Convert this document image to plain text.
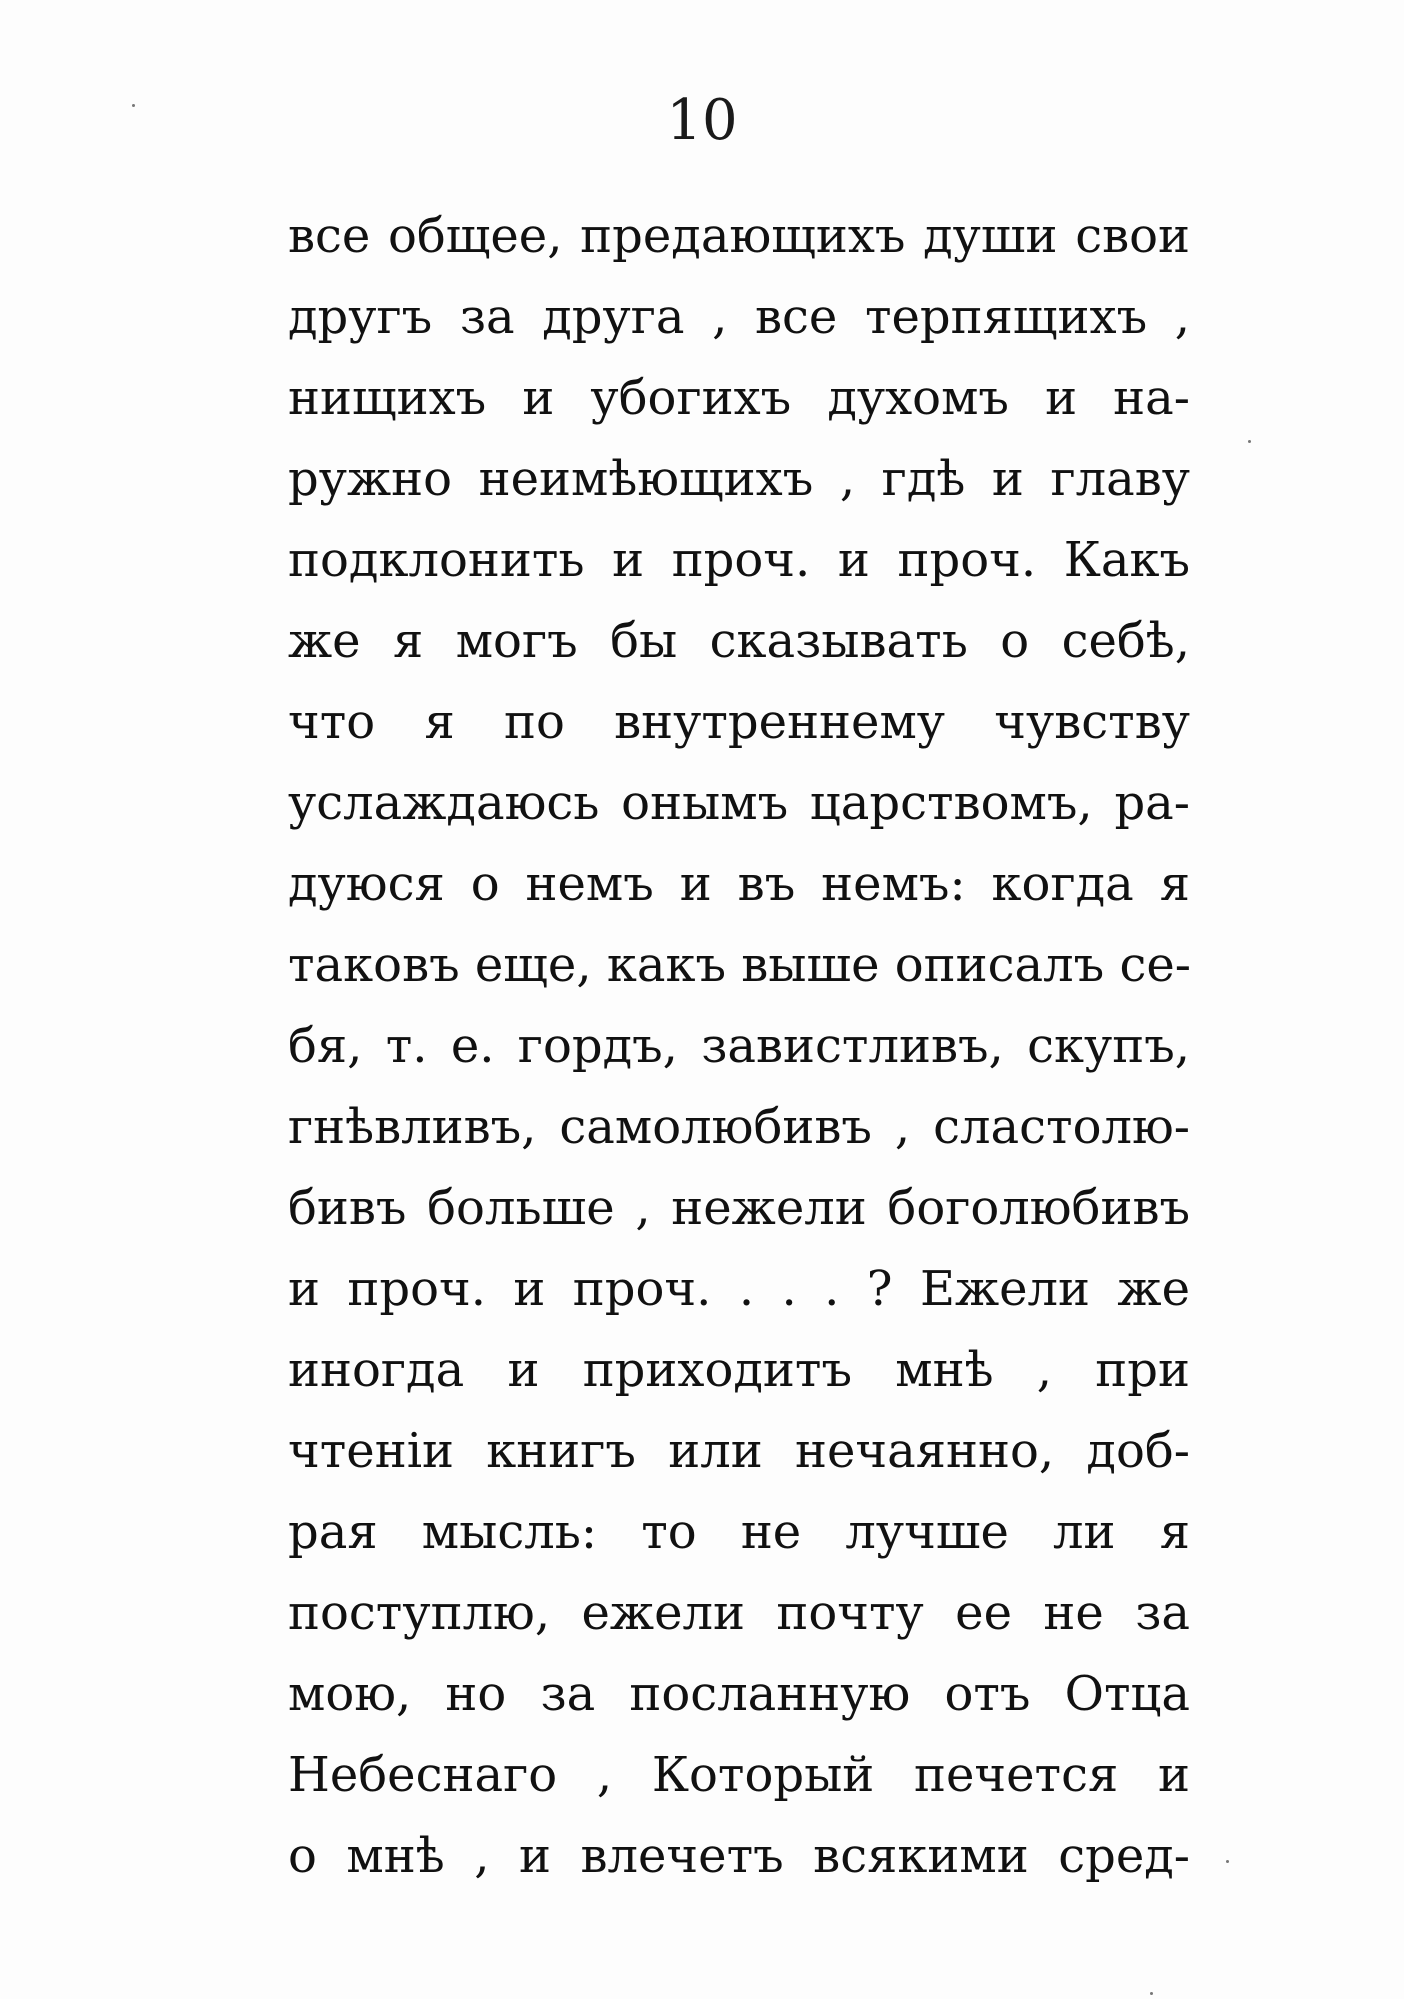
10
все общее, предающихъ души свои
другъ за друга , все терпящихъ ,
нищихъ и убогихъ духомъ и на-
ружно неимѣющихъ , гдѣ и главу
подклонить и проч. и проч. Какъ
же я могъ бы сказывать о себѣ,
что я по внутреннему чувству
услаждаюсь онымъ царствомъ, ра-
дуюся о немъ и въ немъ: когда я
таковъ еще, какъ выше описалъ се-
бя, т. е. гордъ, завистливъ, скупъ,
гнѣвливъ, самолюбивъ , сластолю-
бивъ больше , нежели боголюбивъ
и проч. и проч. . . . ? Ежели же
иногда и приходитъ мнѣ , при
чтеніи книгъ или нечаянно, доб-
рая мысль: то не лучше ли я
поступлю, ежели почту ее не за
мою, но за посланную отъ Отца
Небеснаго , Который печется и
о мнѣ , и влечетъ всякими сред-
